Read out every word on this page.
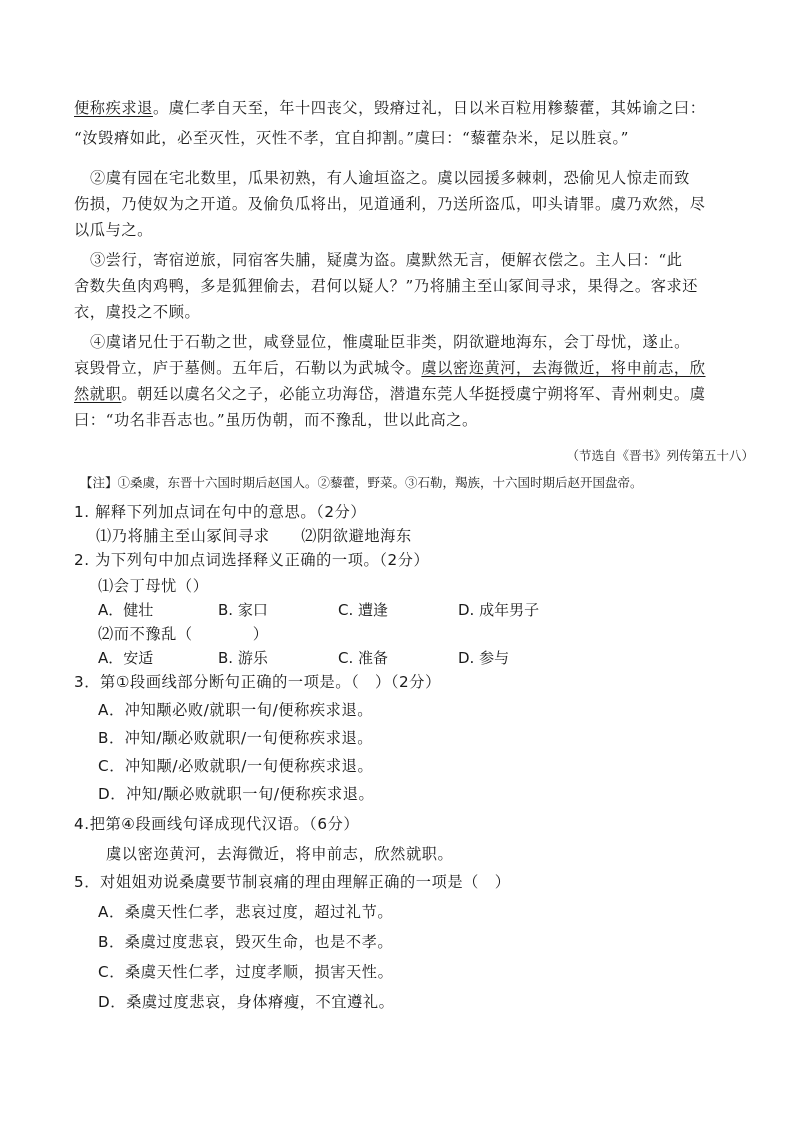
便称疾求退。虞仁孝自天至，年十四丧父，毁瘠过礼，日以米百粒用糁藜藿，其姊谕之曰：
“汝毁瘠如此，必至灭性，灭性不孝，宜自抑割。”虞曰：“藜藿杂米，足以胜哀。”
②虞有园在宅北数里，瓜果初熟，有人逾垣盗之。虞以园援多棘刺，恐偷见人惊走而致
伤损，乃使奴为之开道。及偷负瓜将出，见道通利，乃送所盗瓜，叩头请罪。虞乃欢然，尽
以瓜与之。
③尝行，寄宿逆旅，同宿客失脯，疑虞为盗。虞默然无言，便解衣偿之。主人曰：“此
舍数失鱼肉鸡鸭，多是狐狸偷去，君何以疑人？”乃将脯主至山冢间寻求，果得之。客求还
衣，虞投之不顾。
④虞诸兄仕于石勒之世，咸登显位，惟虞耻臣非类，阴欲避地海东，会丁母忧，遂止。
哀毁骨立，庐于墓侧。五年后，石勒以为武城令。虞以密迩黄河，去海微近，将申前志，欣
然就职。朝廷以虞名父之子，必能立功海岱，潜遣东莞人华挺授虞宁朔将军、青州刺史。虞
曰：“功名非吾志也。”虽历伪朝，而不豫乱，世以此高之。
（节选自《晋书》列传第五十八）
【注】①桑虞，东晋十六国时期后赵国人。②藜藿，野菜。③石勒，羯族，十六国时期后赵开国盘帝。
1. 解释下列加点词在句中的意思。（2分）
⑴乃将脯主至山冢间寻求　　⑵阴欲避地海东
2. 为下列句中加点词选择释义正确的一项。（2分）
⑴会丁母忧（）
A．健壮	B. 家口	C. 遭逢	D. 成年男子
⑵而不豫乱（	）
A．安适	B. 游乐	C. 准备	D. 参与
3．第①段画线部分断句正确的一项是。（　）（2分）
A．冲知颙必败/就职一旬/便称疾求退。
B．冲知/颙必败就职/一旬便称疾求退。
C．冲知颙/必败就职/一旬便称疾求退。
D．冲知/颙必败就职一旬/便称疾求退。
4.把第④段画线句译成现代汉语。（6分）
虞以密迩黄河，去海微近，将申前志，欣然就职。
5．对姐姐劝说桑虞要节制哀痛的理由理解正确的一项是（　）
A．桑虞天性仁孝，悲哀过度，超过礼节。
B．桑虞过度悲哀，毁灭生命，也是不孝。
C．桑虞天性仁孝，过度孝顺，损害天性。
D．桑虞过度悲哀，身体瘠瘦，不宜遵礼。
